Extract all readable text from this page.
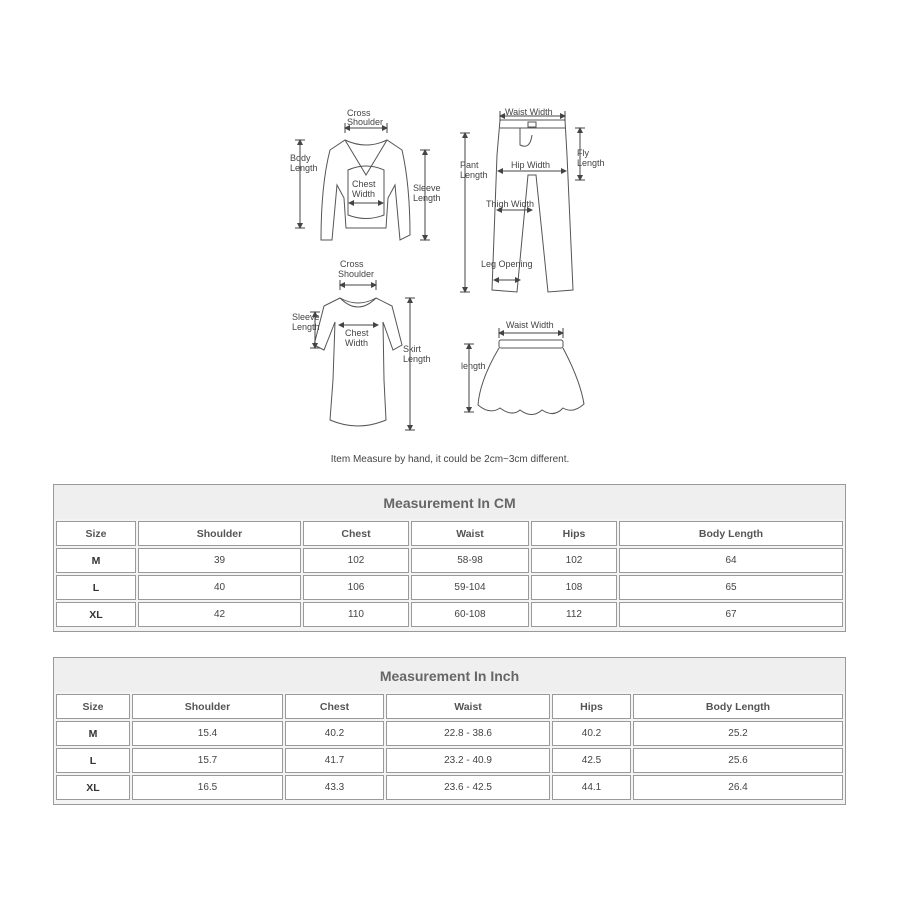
Cross
Shoulder
Body
Length
Chest
Width
Sleeve
Length
Waist Width
Pant
Length
Fly
Length
Hip Width
Thigh Width
Leg Opening
Cross
Shoulder
Sleeve
Length
Chest
Width
Skirt
Length
Waist Width
length
Item Measure by hand, it could be 2cm~3cm different.
Measurement In CM
Size	Shoulder	Chest	Waist	Hips	Body Length
M	39	102	58-98	102	64
L	40	106	59-104	108	65
XL	42	110	60-108	112	67
Measurement In Inch
Size	Shoulder	Chest	Waist	Hips	Body Length
M	15.4	40.2	22.8 - 38.6	40.2	25.2
L	15.7	41.7	23.2 - 40.9	42.5	25.6
XL	16.5	43.3	23.6 - 42.5	44.1	26.4
